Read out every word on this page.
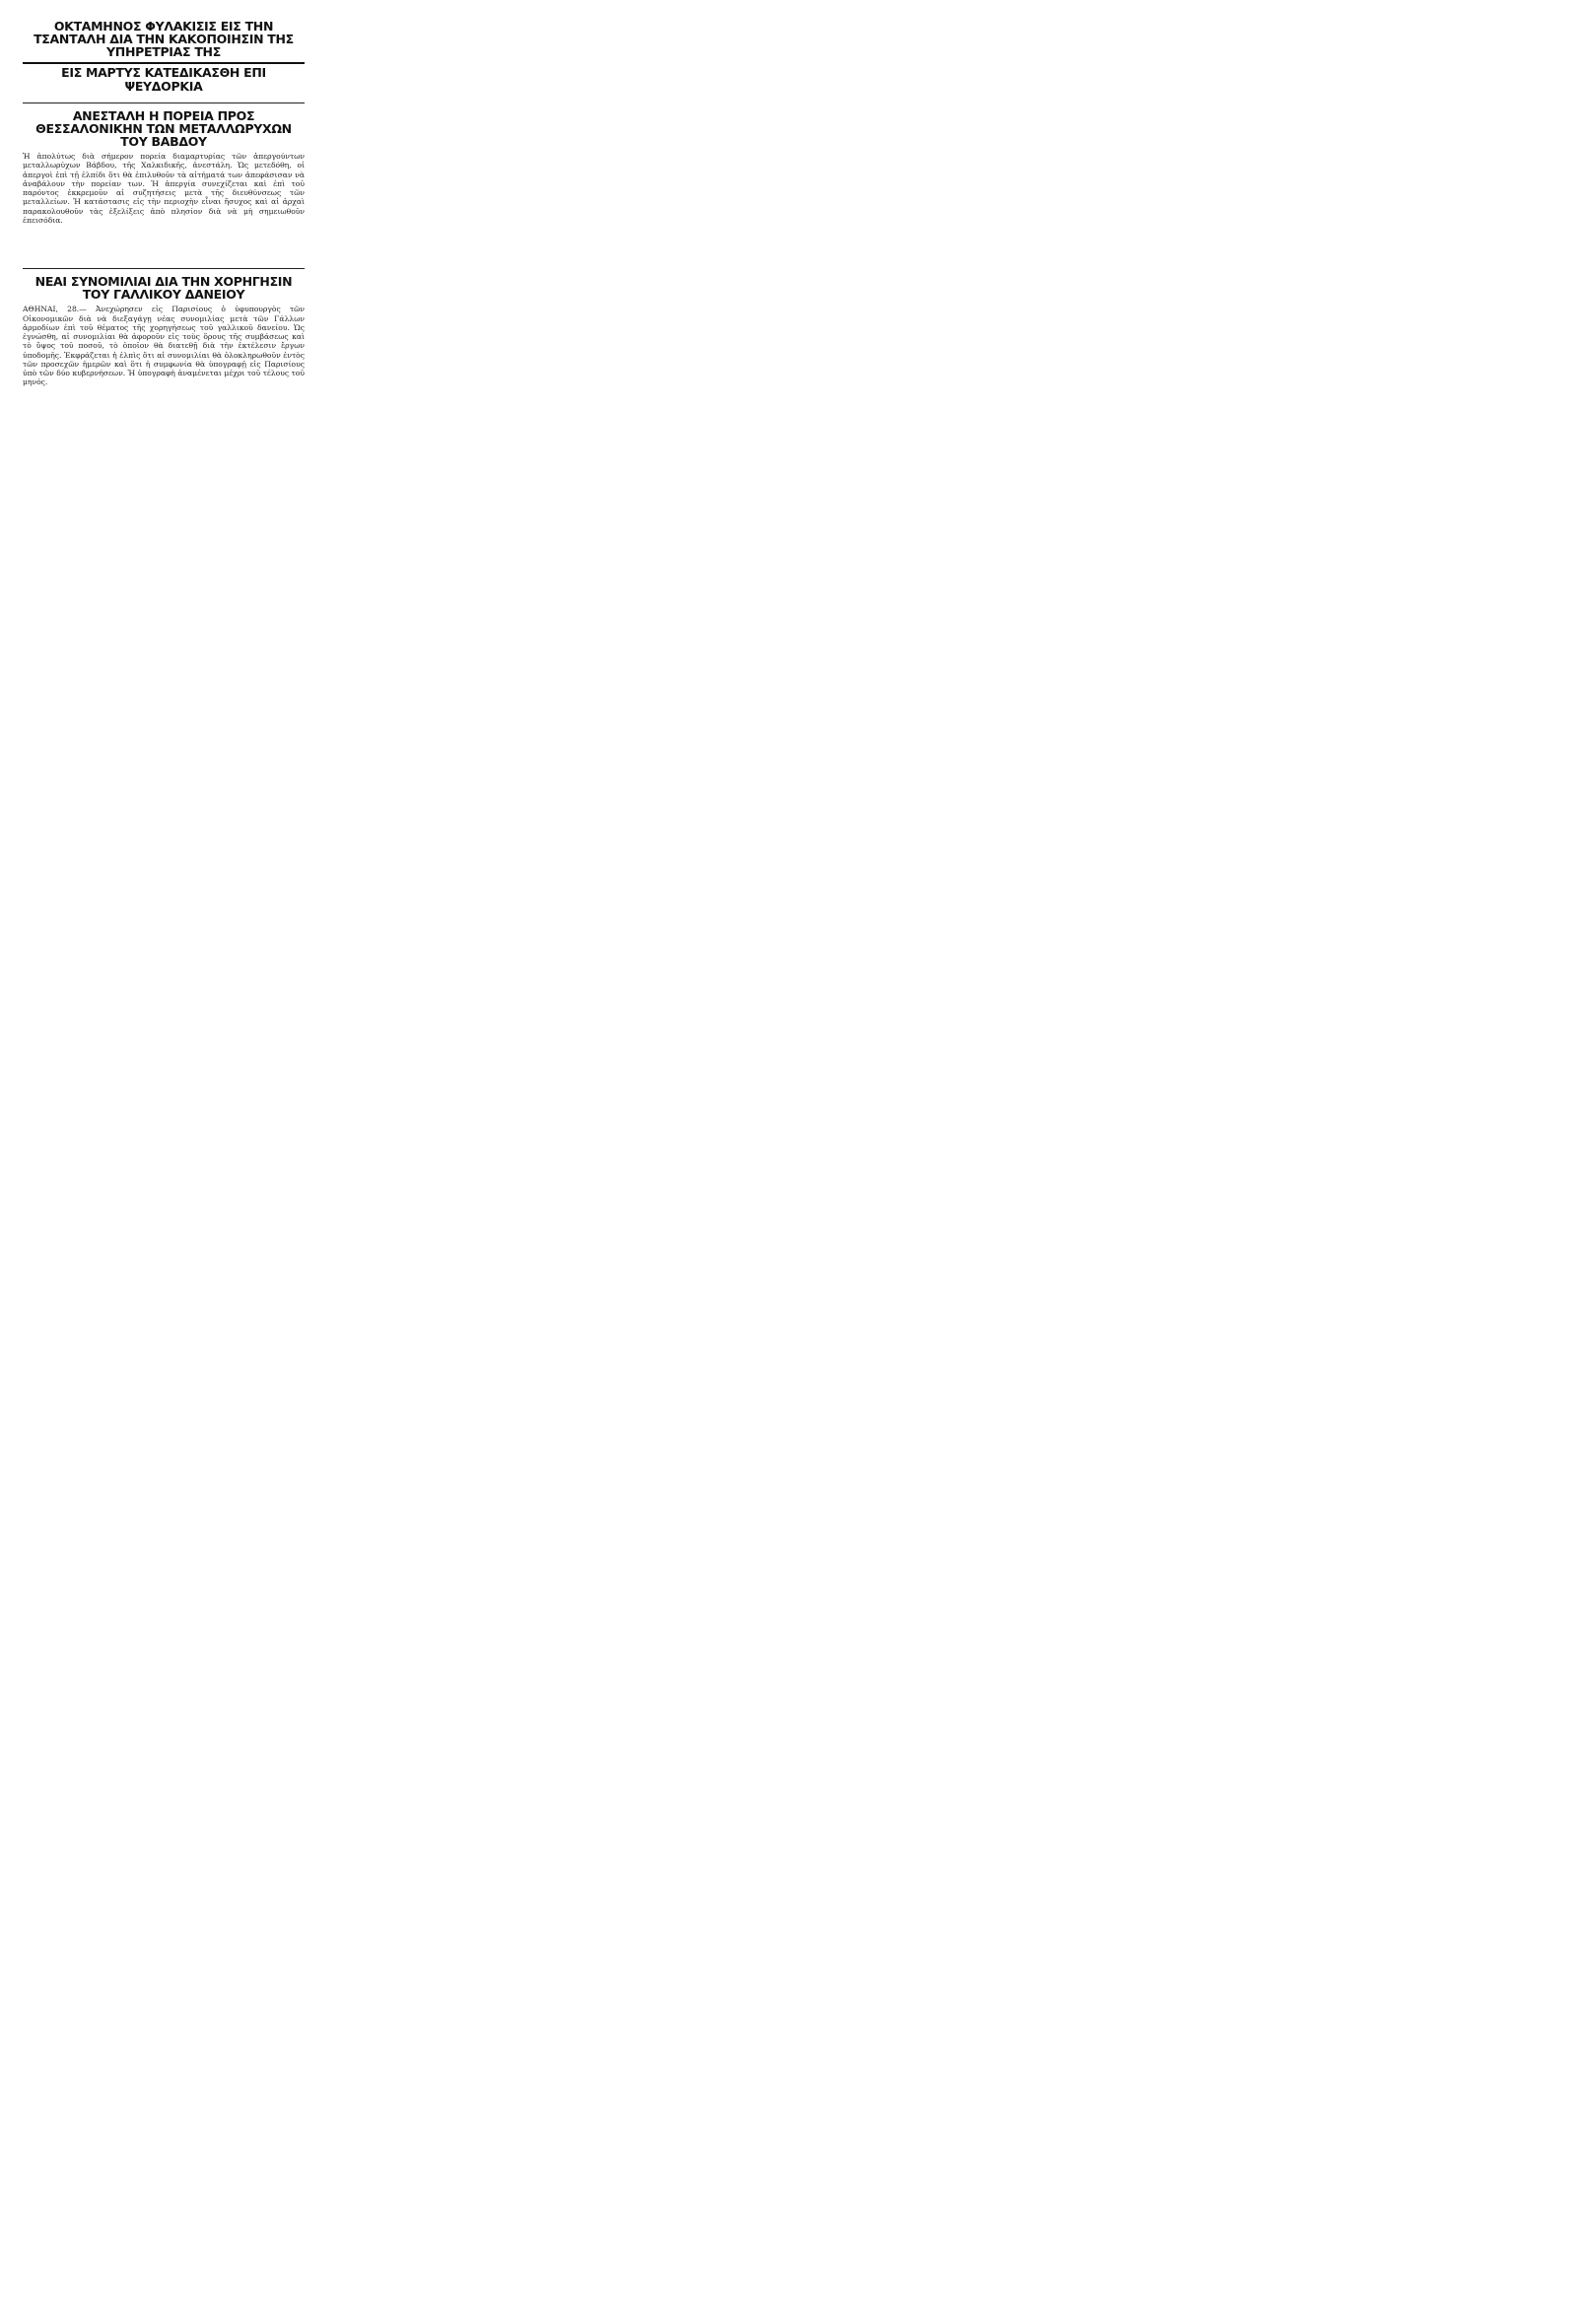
ΟΚΤΑΜΗΝΟΣ ΦΥΛΑΚΙΣΙΣ ΕΙΣ ΤΗΝ ΤΣΑΝΤΑΛΗ ΔΙΑ ΤΗΝ ΚΑΚΟΠΟΙΗΣΙΝ ΤΗΣ ΥΠΗΡΕΤΡΙΑΣ ΤΗΣ
ΕΙΣ ΜΑΡΤΥΣ ΚΑΤΕΔΙΚΑΣΘΗ ΕΠΙ ΨΕΥΔΟΡΚΙΑ
ΑΝΕΣΤΑΛΗ Η ΠΟΡΕΙΑ ΠΡΟΣ ΘΕΣΣΑΛΟΝΙΚΗΝ ΤΩΝ ΜΕΤΑΛΛΩΡΥΧΩΝ ΤΟΥ ΒΑΒΔΟΥ

Ἡ ἀπολύτως διὰ σήμερον πορεία διαμαρτυρίας τῶν ἀπεργούντων μεταλλωρύχων Βάβδου, τῆς Χαλκιδικῆς, ἀνεστάλη. Ὡς μετεδόθη, οἱ ἀπεργοὶ ἐπὶ τῇ ἐλπίδι ὅτι θὰ ἐπιλυθοῦν τὰ αἰτήματά των ἀπεφάσισαν νὰ ἀναβάλουν τὴν πορείαν των. Ἡ ἀπεργία συνεχίζεται καὶ ἐπὶ τοῦ παρόντος ἐκκρεμοῦν αἱ συζητήσεις μετὰ τῆς διευθύνσεως τῶν μεταλλείων. Ἡ κατάστασις εἰς τὴν περιοχὴν εἶναι ἥσυχος καὶ αἱ ἀρχαὶ παρακολουθοῦν τὰς ἐξελίξεις ἀπὸ πλησίον διὰ νὰ μὴ σημειωθοῦν ἐπεισόδια.

ΝΕΑΙ ΣΥΝΟΜΙΛΙΑΙ ΔΙΑ ΤΗΝ ΧΟΡΗΓΗΣΙΝ ΤΟΥ ΓΑΛΛΙΚΟΥ ΔΑΝΕΙΟΥ

ΑΘΗΝΑΙ, 28.— Ἀνεχώρησεν εἰς Παρισίους ὁ ὑφυπουργὸς τῶν Οἰκονομικῶν διὰ νὰ διεξαγάγῃ νέας συνομιλίας μετὰ τῶν Γάλλων ἁρμοδίων ἐπὶ τοῦ θέματος τῆς χορηγήσεως τοῦ γαλλικοῦ δανείου. Ὡς ἐγνώσθη, αἱ συνομιλίαι θὰ ἀφοροῦν εἰς τοὺς ὅρους τῆς συμβάσεως καὶ τὸ ὕψος τοῦ ποσοῦ, τὸ ὁποῖον θὰ διατεθῇ διὰ τὴν ἐκτέλεσιν ἔργων ὑποδομῆς. Ἐκφράζεται ἡ ἐλπὶς ὅτι αἱ συνομιλίαι θὰ ὁλοκληρωθοῦν ἐντὸς τῶν προσεχῶν ἡμερῶν καὶ ὅτι ἡ συμφωνία θὰ ὑπογραφῇ εἰς Παρισίους ὑπὸ τῶν δύο κυβερνήσεων. Ἡ ὑπογραφὴ ἀναμένεται μέχρι τοῦ τέλους τοῦ μηνός.
